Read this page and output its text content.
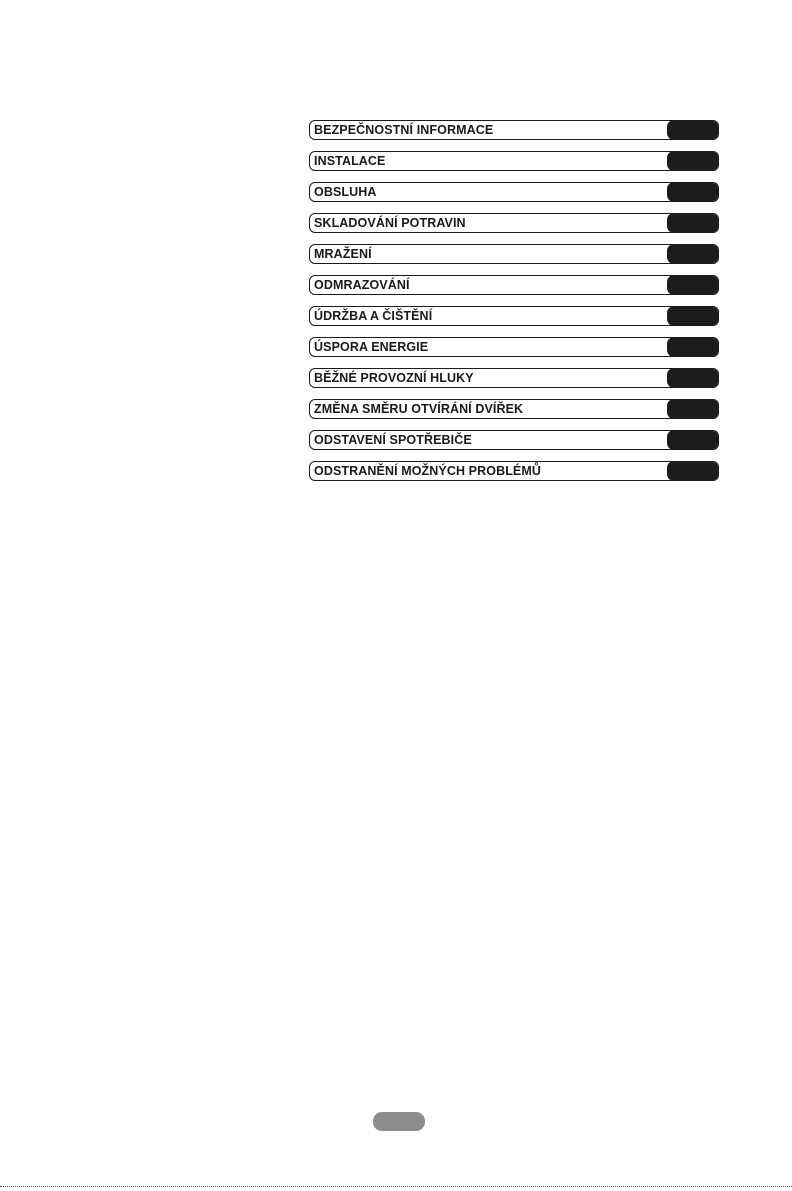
BEZPEČNOSTNÍ INFORMACE
INSTALACE
OBSLUHA
SKLADOVÁNÍ POTRAVIN
MRAŽENÍ
ODMRAZOVÁNÍ
ÚDRŽBA A ČIŠTĚNÍ
ÚSPORA ENERGIE
BĚŽNÉ PROVOZNÍ HLUKY
ZMĚNA SMĚRU OTVÍRÁNÍ DVÍŘEK
ODSTAVENÍ SPOTŘEBIČE
ODSTRANĚNÍ MOŽNÝCH PROBLÉMŮ
